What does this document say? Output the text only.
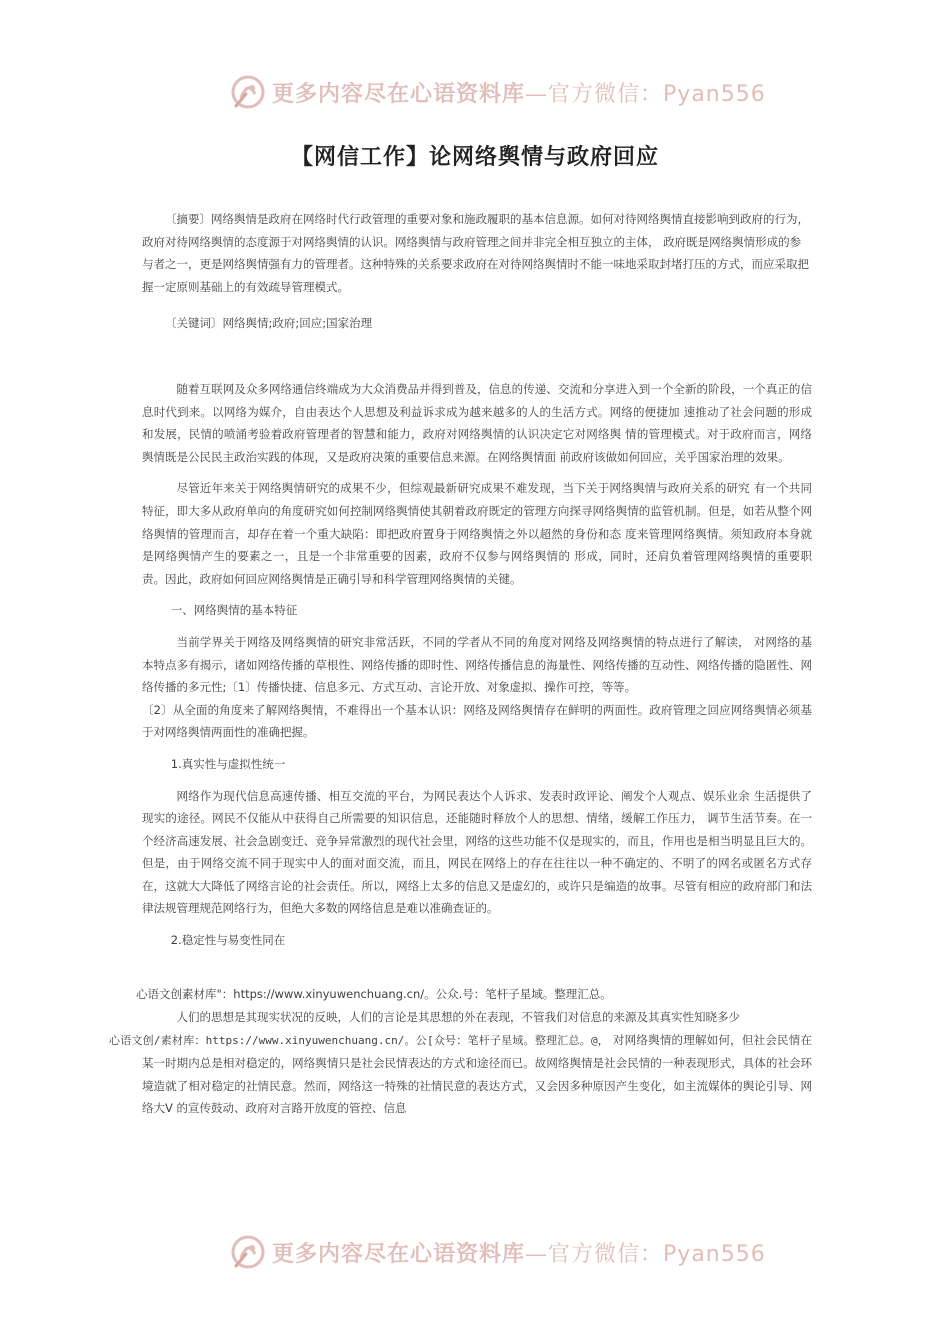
更多内容尽在心语资料库—官方微信：Pyan556
【网信工作】论网络舆情与政府回应

〔摘要〕网络舆情是政府在网络时代行政管理的重要对象和施政履职的基本信息源。如何对待网络舆情直接影响到政府的行为，政府对待网络舆情的态度源于对网络舆情的认识。网络舆情与政府管理之间并非完全相互独立的主体， 政府既是网络舆情形成的参与者之一，更是网络舆情强有力的管理者。这种特殊的关系要求政府在对待网络舆情时不能一味地采取封堵打压的方式，而应采取把握一定原则基础上的有效疏导管理模式。

〔关键词〕网络舆情;政府;回应;国家治理

随着互联网及众多网络通信终端成为大众消费品并得到普及，信息的传递、交流和分享进入到一个全新的阶段，一个真正的信息时代到来。以网络为媒介，自由表达个人思想及利益诉求成为越来越多的人的生活方式。网络的便捷加 速推动了社会问题的形成和发展，民情的喷涌考验着政府管理者的智慧和能力，政府对网络舆情的认识决定它对网络舆 情的管理模式。对于政府而言，网络舆情既是公民民主政治实践的体现，又是政府决策的重要信息来源。在网络舆情面 前政府该做如何回应，关乎国家治理的效果。

尽管近年来关于网络舆情研究的成果不少，但综观最新研究成果不难发现，当下关于网络舆情与政府关系的研究 有一个共同特征，即大多从政府单向的角度研究如何控制网络舆情使其朝着政府既定的管理方向探寻网络舆情的监管机制。但是，如若从整个网络舆情的管理而言，却存在着一个重大缺陷：即把政府置身于网络舆情之外以超然的身份和态 度来管理网络舆情。须知政府本身就是网络舆情产生的要素之一，且是一个非常重要的因素，政府不仅参与网络舆情的 形成，同时，还肩负着管理网络舆情的重要职责。因此，政府如何回应网络舆情是正确引导和科学管理网络舆情的关键。

一、网络舆情的基本特征

当前学界关于网络及网络舆情的研究非常活跃，不同的学者从不同的角度对网络及网络舆情的特点进行了解读， 对网络的基本特点多有揭示，诸如网络传播的草根性、网络传播的即时性、网络传播信息的海量性、网络传播的互动性、网络传播的隐匿性、网络传播的多元性;〔1〕传播快捷、信息多元、方式互动、言论开放、对象虚拟、操作可控，等等。

〔2〕从全面的角度来了解网络舆情，不难得出一个基本认识：网络及网络舆情存在鲜明的两面性。政府管理之回应网络舆情必须基于对网络舆情两面性的准确把握。

1.真实性与虚拟性统一

网络作为现代信息高速传播、相互交流的平台，为网民表达个人诉求、发表时政评论、阐发个人观点、娱乐业余 生活提供了现实的途径。网民不仅能从中获得自己所需要的知识信息，还能随时释放个人的思想、情绪，缓解工作压力， 调节生活节奏。在一个经济高速发展、社会急剧变迁、竞争异常激烈的现代社会里，网络的这些功能不仅是现实的，而且，作用也是相当明显且巨大的。但是，由于网络交流不同于现实中人的面对面交流，而且，网民在网络上的存在往往以一种不确定的、不明了的网名或匿名方式存在，这就大大降低了网络言论的社会责任。所以，网络上太多的信息又是虚幻的，或许只是编造的故事。尽管有相应的政府部门和法律法规管理规范网络行为，但绝大多数的网络信息是难以准确查证的。

2.稳定性与易变性同在

心语文创素材库"：https://www.xinyuwenchuang.cn/。公众.号：笔杆子星域。整理汇总。

人们的思想是其现实状况的反映，人们的言论是其思想的外在表现，不管我们对信息的来源及其真实性知晓多少
心语文创/素材库：https://www.xinyuwenchuang.cn/。公[众号：笔杆子星域。整理汇总。@， 对网络舆情的理解如何，但社会民情在某一时期内总是相对稳定的，网络舆情只是社会民情表达的方式和途径而已。故网络舆情是社会民情的一种表现形式，具体的社会环境造就了相对稳定的社情民意。然而，网络这一特殊的社情民意的表达方式，又会因多种原因产生变化，如主流媒体的舆论引导、网络大Ⅴ 的宣传鼓动、政府对言路开放度的管控、信息

更多内容尽在心语资料库—官方微信：Pyan556
